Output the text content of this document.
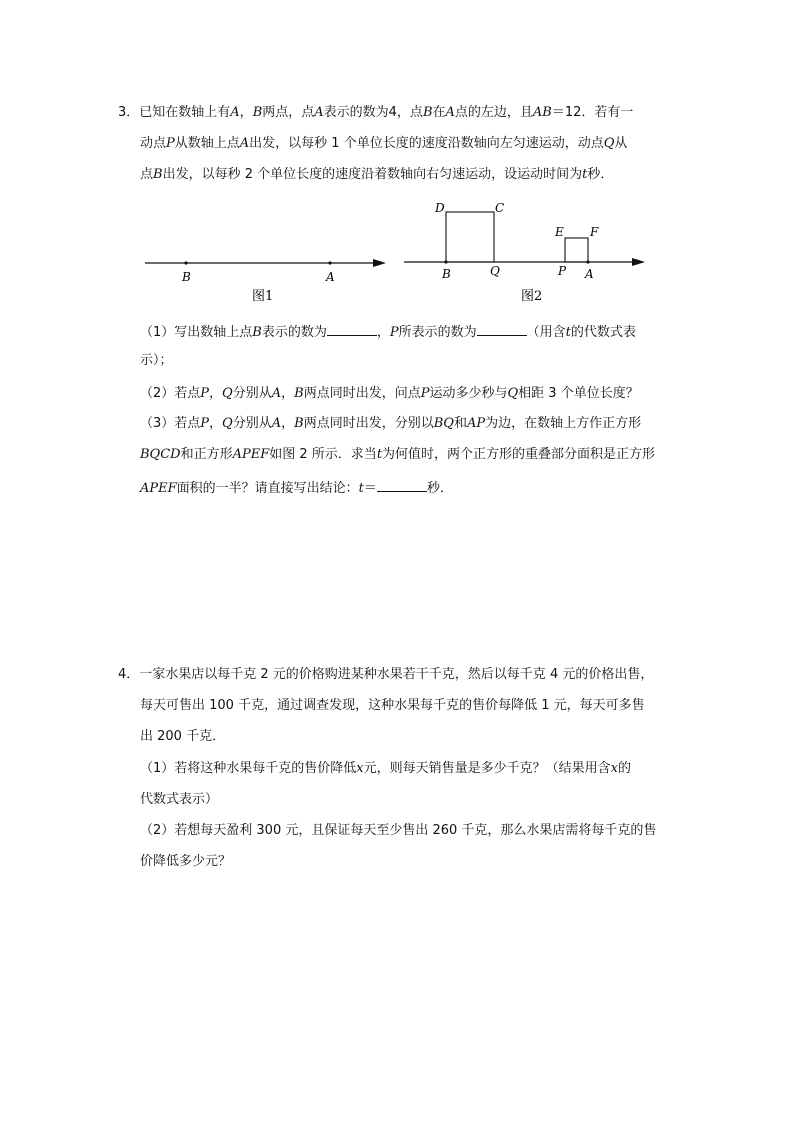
3．已知在数轴上有A，B两点，点A表示的数为4，点B在A点的左边，且AB＝12．若有一
动点P从数轴上点A出发，以每秒 1 个单位长度的速度沿数轴向左匀速运动，动点Q从
点B出发，以每秒 2 个单位长度的速度沿着数轴向右匀速运动，设运动时间为t秒．
B	A
图1
D	C
E F
B	Q	P A
图2
（1）写出数轴上点B表示的数为	，P所表示的数为	（用含t的代数式表
示）；
（2）若点P，Q分别从A，B两点同时出发，问点P运动多少秒与Q相距 3 个单位长度？
（3）若点P，Q分别从A，B两点同时出发，分别以BQ和AP为边，在数轴上方作正方形
BQCD和正方形APEF如图 2 所示．求当t为何值时，两个正方形的重叠部分面积是正方形
APEF面积的一半？请直接写出结论：t＝	秒．
4．一家水果店以每千克 2 元的价格购进某种水果若干千克，然后以每千克 4 元的价格出售，
每天可售出 100 千克，通过调查发现，这种水果每千克的售价每降低 1 元，每天可多售
出 200 千克．
（1）若将这种水果每千克的售价降低x元，则每天销售量是多少千克？（结果用含x的
代数式表示）
（2）若想每天盈利 300 元，且保证每天至少售出 260 千克，那么水果店需将每千克的售
价降低多少元？
